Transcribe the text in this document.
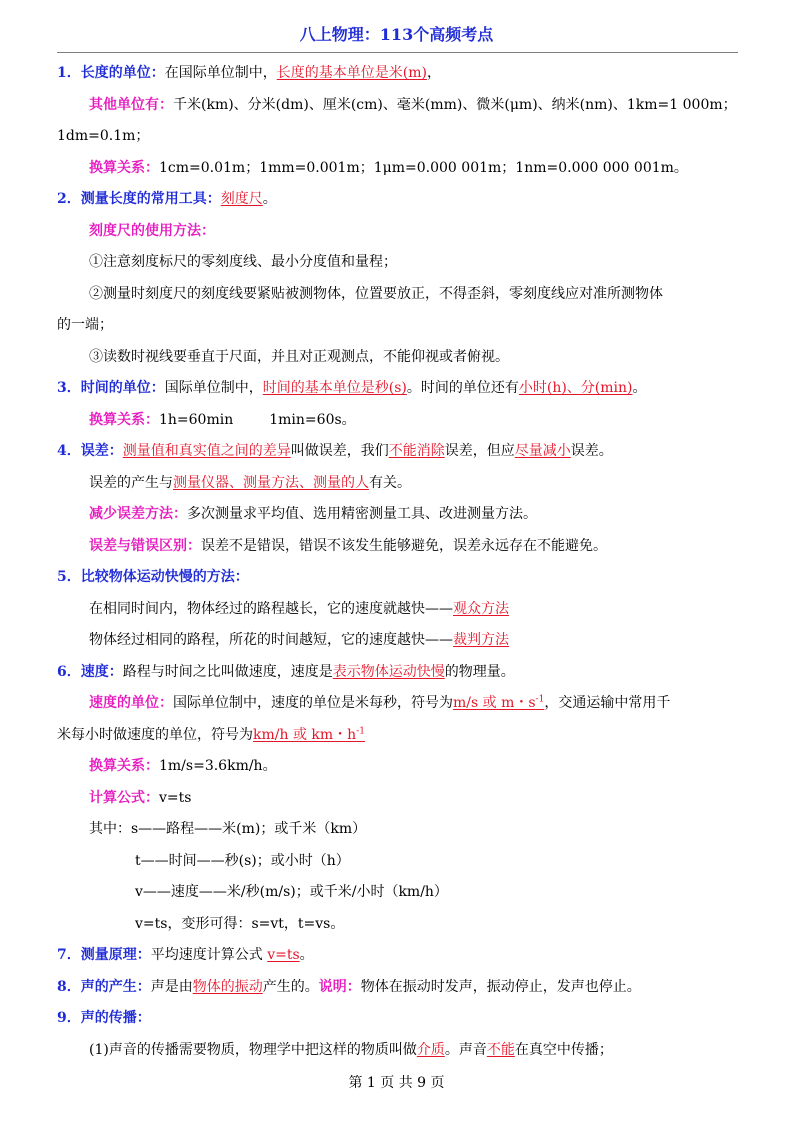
八上物理：113个高频考点
1．长度的单位：在国际单位制中，长度的基本单位是米(m)，
其他单位有：千米(km)、分米(dm)、厘米(cm)、毫米(mm)、微米(μm)、纳米(nm)、1km=1 000m；
1dm=0.1m；
换算关系：1cm=0.01m；1mm=0.001m；1μm=0.000 001m；1nm=0.000 000 001m。
2．测量长度的常用工具：刻度尺。
刻度尺的使用方法：
①注意刻度标尺的零刻度线、最小分度值和量程；
②测量时刻度尺的刻度线要紧贴被测物体，位置要放正，不得歪斜，零刻度线应对准所测物体
的一端；
③读数时视线要垂直于尺面，并且对正观测点，不能仰视或者俯视。
3．时间的单位：国际单位制中，时间的基本单位是秒(s)。时间的单位还有小时(h)、分(min)。
换算关系：1h=60min	1min=60s。
4．误差：测量值和真实值之间的差异叫做误差，我们不能消除误差，但应尽量减小误差。
误差的产生与测量仪器、测量方法、测量的人有关。
减少误差方法：多次测量求平均值、选用精密测量工具、改进测量方法。
误差与错误区别：误差不是错误，错误不该发生能够避免，误差永远存在不能避免。
5．比较物体运动快慢的方法：
在相同时间内，物体经过的路程越长，它的速度就越快——观众方法
物体经过相同的路程，所花的时间越短，它的速度越快——裁判方法
6．速度：路程与时间之比叫做速度，速度是表示物体运动快慢的物理量。
速度的单位：国际单位制中，速度的单位是米每秒，符号为m/s 或 m・$s^{-1}$，交通运输中常用千
米每小时做速度的单位，符号为km/h 或 km・$h^{-1}$
换算关系：1m/s=3.6km/h。
计算公式：v=ts
其中：s——路程——米(m)；或千米（km）
t——时间——秒(s)；或小时（h）
v——速度——米/秒(m/s)；或千米/小时（km/h）
v=ts，变形可得：s=vt，t=vs。
7．测量原理：平均速度计算公式 v=ts。
8．声的产生：声是由物体的振动产生的。说明：物体在振动时发声，振动停止，发声也停止。
9．声的传播：
(1)声音的传播需要物质，物理学中把这样的物质叫做介质。声音不能在真空中传播；
第 1 页 共 9 页
